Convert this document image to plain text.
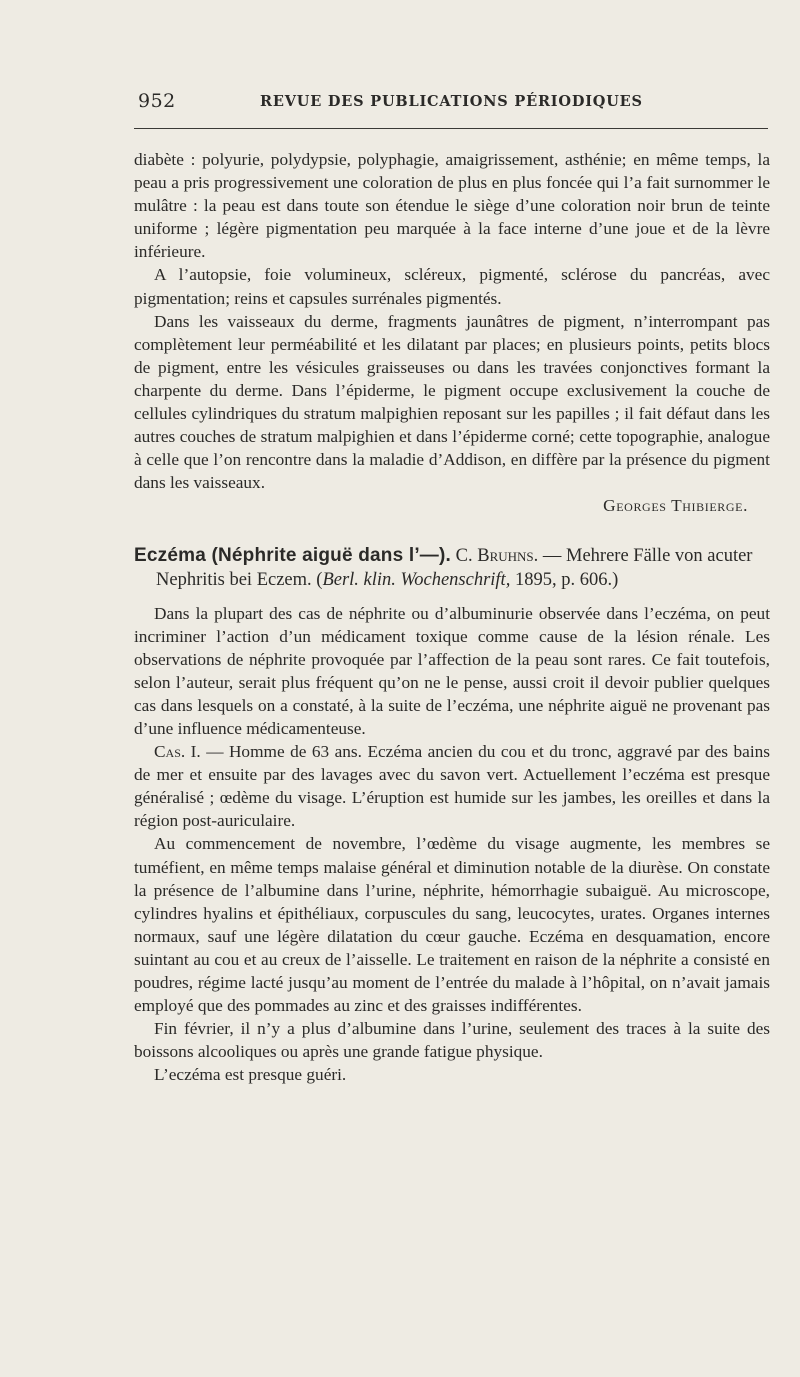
952	REVUE DES PUBLICATIONS PÉRIODIQUES

diabète : polyurie, polydypsie, polyphagie, amaigrissement, asthénie; en même temps, la peau a pris progressivement une coloration de plus en plus foncée qui l’a fait surnommer le mulâtre : la peau est dans toute son étendue le siège d’une coloration noir brun de teinte uniforme ; légère pigmentation peu marquée à la face interne d’une joue et de la lèvre inférieure.

A l’autopsie, foie volumineux, scléreux, pigmenté, sclérose du pancréas, avec pigmentation; reins et capsules surrénales pigmentés.

Dans les vaisseaux du derme, fragments jaunâtres de pigment, n’interrompant pas complètement leur perméabilité et les dilatant par places; en plusieurs points, petits blocs de pigment, entre les vésicules graisseuses ou dans les travées conjonctives formant la charpente du derme. Dans l’épiderme, le pigment occupe exclusivement la couche de cellules cylindriques du stratum malpighien reposant sur les papilles ; il fait défaut dans les autres couches de stratum malpighien et dans l’épiderme corné; cette topographie, analogue à celle que l’on rencontre dans la maladie d’Addison, en diffère par la présence du pigment dans les vaisseaux.

Georges Thibierge.

Eczéma (Néphrite aiguë dans l’—). C. Bruhns. — Mehrere Fälle von acuter Nephritis bei Eczem. (Berl. klin. Wochenschrift, 1895, p. 606.)

Dans la plupart des cas de néphrite ou d’albuminurie observée dans l’eczéma, on peut incriminer l’action d’un médicament toxique comme cause de la lésion rénale. Les observations de néphrite provoquée par l’affection de la peau sont rares. Ce fait toutefois, selon l’auteur, serait plus fréquent qu’on ne le pense, aussi croit il devoir publier quelques cas dans lesquels on a constaté, à la suite de l’eczéma, une néphrite aiguë ne provenant pas d’une influence médicamenteuse.

Cas. I. — Homme de 63 ans. Eczéma ancien du cou et du tronc, aggravé par des bains de mer et ensuite par des lavages avec du savon vert. Actuellement l’eczéma est presque généralisé ; œdème du visage. L’éruption est humide sur les jambes, les oreilles et dans la région post-auriculaire.

Au commencement de novembre, l’œdème du visage augmente, les membres se tuméfient, en même temps malaise général et diminution notable de la diurèse. On constate la présence de l’albumine dans l’urine, néphrite, hémorrhagie subaiguë. Au microscope, cylindres hyalins et épithéliaux, corpuscules du sang, leucocytes, urates. Organes internes normaux, sauf une légère dilatation du cœur gauche. Eczéma en desquamation, encore suintant au cou et au creux de l’aisselle. Le traitement en raison de la néphrite a consisté en poudres, régime lacté jusqu’au moment de l’entrée du malade à l’hôpital, on n’avait jamais employé que des pommades au zinc et des graisses indifférentes.

Fin février, il n’y a plus d’albumine dans l’urine, seulement des traces à la suite des boissons alcooliques ou après une grande fatigue physique.

L’eczéma est presque guéri.
